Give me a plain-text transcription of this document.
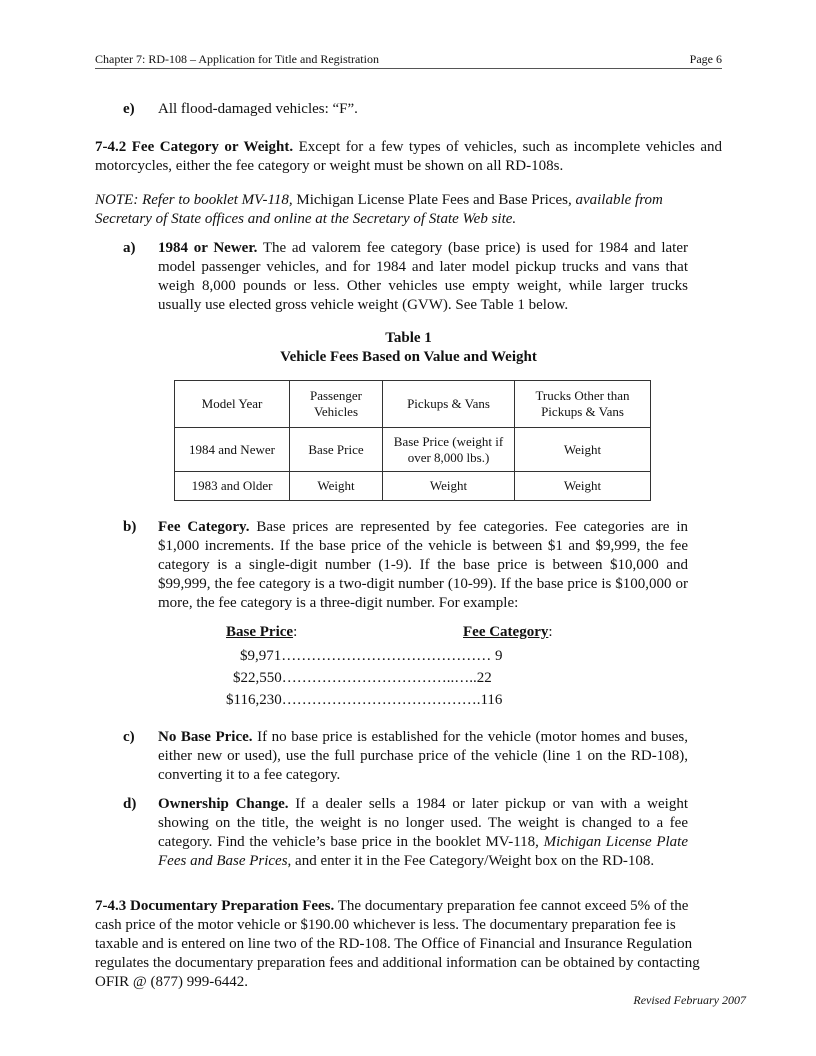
Chapter 7: RD-108 – Application for Title and Registration	Page 6
e) All flood-damaged vehicles: “F”.
7-4.2 Fee Category or Weight. Except for a few types of vehicles, such as incomplete vehicles and motorcycles, either the fee category or weight must be shown on all RD-108s.
NOTE: Refer to booklet MV-118, Michigan License Plate Fees and Base Prices, available from Secretary of State offices and online at the Secretary of State Web site.
a) 1984 or Newer. The ad valorem fee category (base price) is used for 1984 and later model passenger vehicles, and for 1984 and later model pickup trucks and vans that weigh 8,000 pounds or less. Other vehicles use empty weight, while larger trucks usually use elected gross vehicle weight (GVW). See Table 1 below.
Table 1
Vehicle Fees Based on Value and Weight
Model Year	Passenger Vehicles	Pickups & Vans	Trucks Other than Pickups & Vans
1984 and Newer	Base Price	Base Price (weight if over 8,000 lbs.)	Weight
1983 and Older	Weight	Weight	Weight
b) Fee Category. Base prices are represented by fee categories. Fee categories are in $1,000 increments. If the base price of the vehicle is between $1 and $9,999, the fee category is a single-digit number (1-9). If the base price is between $10,000 and $99,999, the fee category is a two-digit number (10-99). If the base price is $100,000 or more, the fee category is a three-digit number. For example:
Base Price:	Fee Category:
$9,971…………………………………… 9
$22,550……………………………..…..22
$116,230………………………………….116
c) No Base Price. If no base price is established for the vehicle (motor homes and buses, either new or used), use the full purchase price of the vehicle (line 1 on the RD-108), converting it to a fee category.
d) Ownership Change. If a dealer sells a 1984 or later pickup or van with a weight showing on the title, the weight is no longer used. The weight is changed to a fee category. Find the vehicle’s base price in the booklet MV-118, Michigan License Plate Fees and Base Prices, and enter it in the Fee Category/Weight box on the RD-108.
7-4.3 Documentary Preparation Fees. The documentary preparation fee cannot exceed 5% of the cash price of the motor vehicle or $190.00 whichever is less. The documentary preparation fee is taxable and is entered on line two of the RD-108. The Office of Financial and Insurance Regulation regulates the documentary preparation fees and additional information can be obtained by contacting OFIR @ (877) 999-6442.
Revised February 2007
